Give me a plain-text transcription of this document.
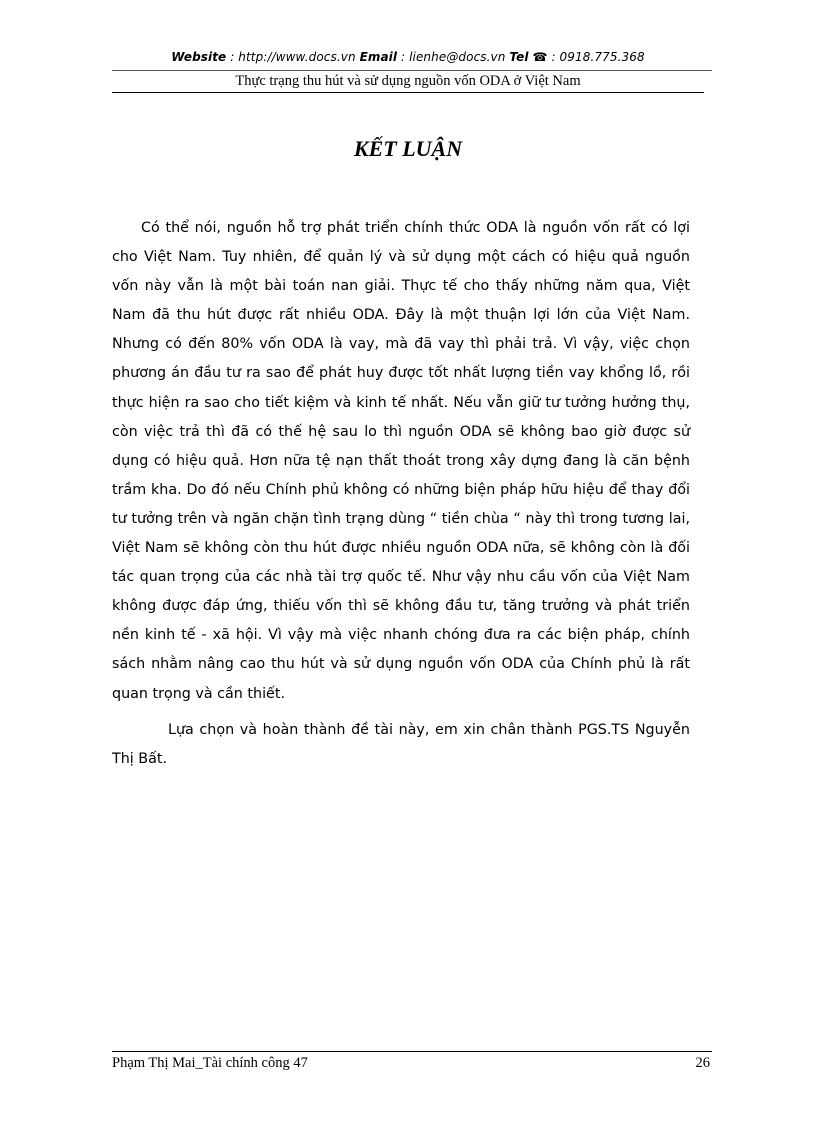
Website : http://www.docs.vn Email : lienhe@docs.vn Tel ☎ : 0918.775.368
Thực trạng thu hút và sử dụng nguồn vốn ODA ở Việt Nam
KẾT LUẬN

Có thể nói, nguồn hỗ trợ phát triển chính thức ODA là nguồn vốn rất có lợi cho Việt Nam. Tuy nhiên, để quản lý và sử dụng một cách có hiệu quả nguồn vốn này vẫn là một bài toán nan giải. Thực tế cho thấy những năm qua, Việt Nam đã thu hút được rất nhiều ODA. Đây là một thuận lợi lớn của Việt Nam. Nhưng có đến 80% vốn ODA là vay, mà đã vay thì phải trả. Vì vậy, việc chọn phương án đầu tư ra sao để phát huy được tốt nhất lượng tiền vay khổng lồ, rồi thực hiện ra sao cho tiết kiệm và kinh tế nhất. Nếu vẫn giữ tư tưởng hưởng thụ, còn việc trả thì đã có thế hệ sau lo thì nguồn ODA sẽ không bao giờ được sử dụng có hiệu quả. Hơn nữa tệ nạn thất thoát trong xây dựng đang là căn bệnh trầm kha. Do đó nếu Chính phủ không có những biện pháp hữu hiệu để thay đổi tư tưởng trên và ngăn chặn tình trạng dùng “ tiền chùa “ này thì trong tương lai, Việt Nam sẽ không còn thu hút được nhiều nguồn ODA nữa, sẽ không còn là đối tác quan trọng của các nhà tài trợ quốc tế. Như vậy nhu cầu vốn của Việt Nam không được đáp ứng, thiếu vốn thì sẽ không đầu tư, tăng trưởng và phát triển nền kinh tế - xã hội. Vì vậy mà việc nhanh chóng đưa ra các biện pháp, chính sách nhằm nâng cao thu hút và sử dụng nguồn vốn ODA của Chính phủ là rất quan trọng và cần thiết.

Lựa chọn và hoàn thành đề tài này, em xin chân thành PGS.TS Nguyễn Thị Bất.

Phạm Thị Mai_Tài chính công 47	26
